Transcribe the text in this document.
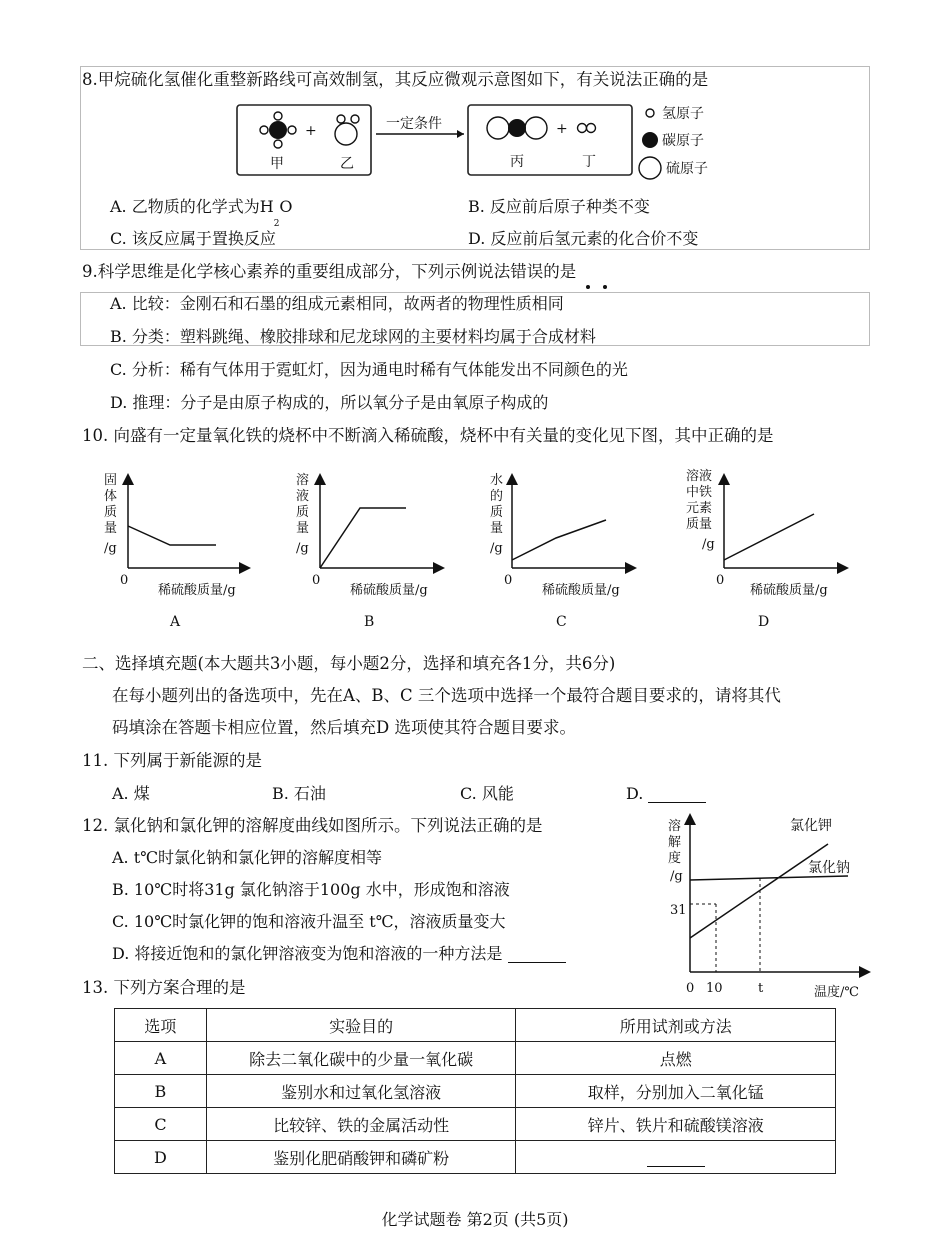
8.甲烷硫化氢催化重整新路线可高效制氢，其反应微观示意图如下，有关说法正确的是
+
甲	乙
一定条件	+
丙	丁
氢原子
碳原子
硫原子
A. 乙物质的化学式为$H_2O$	B. 反应前后原子种类不变
C. 该反应属于置换反应	D. 反应前后氢元素的化合价不变
9.科学思维是化学核心素养的重要组成部分，下列示例说法错误的是
A. 比较：金刚石和石墨的组成元素相同，故两者的物理性质相同
B. 分类：塑料跳绳、橡胶排球和尼龙球网的主要材料均属于合成材料
C. 分析：稀有气体用于霓虹灯，因为通电时稀有气体能发出不同颜色的光
D. 推理：分子是由原子构成的，所以氧分子是由氧原子构成的
10. 向盛有一定量氧化铁的烧杯中不断滴入稀硫酸，烧杯中有关量的变化见下图，其中正确的是
固
体
质
量
/g
0
稀硫酸质量/g
A
溶
液
质
量
/g
0
稀硫酸质量/g
B
水
的
质
量
/g
0
稀硫酸质量/g
C
溶液
中铁
元素
质量
/g
0
稀硫酸质量/g
D
二、选择填充题(本大题共3小题，每小题2分，选择和填充各1分，共6分)
在每小题列出的备选项中，先在A、B、C 三个选项中选择一个最符合题目要求的，请将其代
码填涂在答题卡相应位置，然后填充D 选项使其符合题目要求。
11. 下列属于新能源的是
A. 煤	B. 石油	C. 风能	D.
12. 氯化钠和氯化钾的溶解度曲线如图所示。下列说法正确的是
A. t℃时氯化钠和氯化钾的溶解度相等
B. 10℃时将31g 氯化钠溶于100g 水中，形成饱和溶液
C. 10℃时氯化钾的饱和溶液升温至 t℃，溶液质量变大
D. 将接近饱和的氯化钾溶液变为饱和溶液的一种方法是
溶
解
度
/g
氯化钾
氯化钠
31
0 10	t	温度/℃
13. 下列方案合理的是
选项	实验目的	所用试剂或方法
A	除去二氧化碳中的少量一氧化碳	点燃
B	鉴别水和过氧化氢溶液	取样，分别加入二氧化锰
C	比较锌、铁的金属活动性	锌片、铁片和硫酸镁溶液
D	鉴别化肥硝酸钾和磷矿粉	
化学试题卷 第2页 (共5页)
